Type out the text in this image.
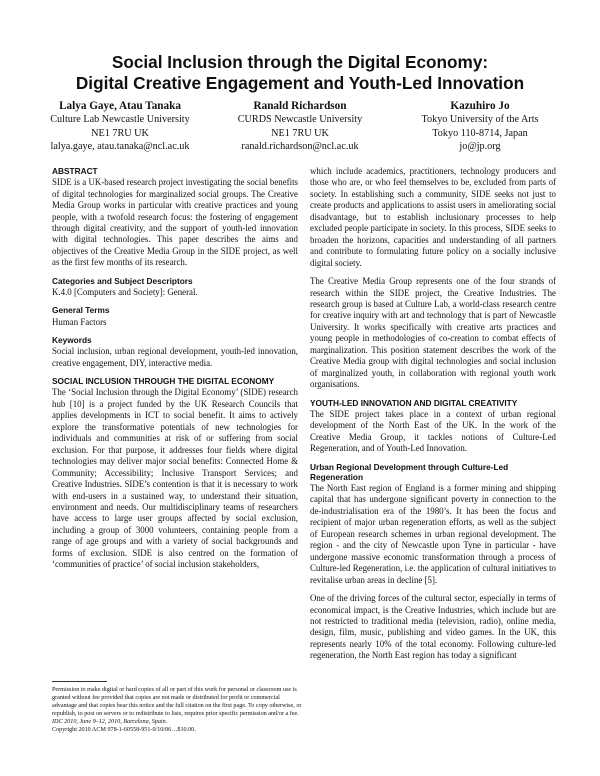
Social Inclusion through the Digital Economy:
Digital Creative Engagement and Youth-Led Innovation
Lalya Gaye, Atau Tanaka
Culture Lab Newcastle University
NE1 7RU UK
lalya.gaye, atau.tanaka@ncl.ac.uk
Ranald Richardson
CURDS Newcastle University
NE1 7RU UK
ranald.richardson@ncl.ac.uk
Kazuhiro Jo
Tokyo University of the Arts
Tokyo 110-8714, Japan
jo@jp.org
ABSTRACT

SIDE is a UK-based research project investigating the social benefits of digital technologies for marginalized social groups. The Creative Media Group works in particular with creative practices and young people, with a twofold research focus: the fostering of engagement through digital creativity, and the support of youth-led innovation with digital technologies. This paper describes the aims and objectives of the Creative Media Group in the SIDE project, as well as the first few months of its research.

Categories and Subject Descriptors

K.4.0 [Computers and Society]: General.

General Terms

Human Factors

Keywords

Social inclusion, urban regional development, youth-led innovation, creative engagement, DIY, interactive media.

SOCIAL INCLUSION THROUGH THE DIGITAL ECONOMY

The ‘Social Inclusion through the Digital Economy’ (SIDE) research hub [10] is a project funded by the UK Research Councils that applies developments in ICT to social benefit. It aims to actively explore the transformative potentials of new technologies for individuals and communities at risk of or suffering from social exclusion. For that purpose, it addresses four fields where digital technologies may deliver major social benefits: Connected Home & Community; Accessibility; Inclusive Transport Services; and Creative Industries. SIDE’s contention is that it is necessary to work with end-users in a sustained way, to understand their situation, environment and needs. Our multidisciplinary teams of researchers have access to large user groups affected by social exclusion, including a group of 3000 volunteers, containing people from a range of age groups and with a variety of social backgrounds and forms of exclusion. SIDE is also centred on the formation of ‘communities of practice’ of social inclusion stakeholders,

which include academics, practitioners, technology producers and those who are, or who feel themselves to be, excluded from parts of society. In establishing such a community, SIDE seeks not just to create products and applications to assist users in ameliorating social disadvantage, but to establish inclusionary processes to help excluded people participate in society. In this process, SIDE seeks to broaden the horizons, capacities and understanding of all partners and contribute to formulating future policy on a socially inclusive digital society.

The Creative Media Group represents one of the four strands of research within the SIDE project, the Creative Industries. The research group is based at Culture Lab, a world-class research centre for creative inquiry with art and technology that is part of Newcastle University. It works specifically with creative arts practices and young people in methodologies of co-creation to combat effects of marginalization. This position statement describes the work of the Creative Media group with digital technologies and social inclusion of marginalized youth, in collaboration with regional youth work organisations.

YOUTH-LED INNOVATION AND DIGITAL CREATIVITY

The SIDE project takes place in a context of urban regional development of the North East of the UK. In the work of the Creative Media Group, it tackles notions of Culture-Led Regeneration, and of Youth-Led Innovation.

Urban Regional Development through Culture-Led Regeneration

The North East region of England is a former mining and shipping capital that has undergone significant poverty in connection to the de-industrialisation era of the 1980’s. It has been the focus and recipient of major urban regeneration efforts, as well as the subject of European research schemes in urban regional development. The region - and the city of Newcastle upon Tyne in particular - have undergone massive economic transformation through a process of Culture-led Regeneration, i.e. the application of cultural initiatives to revitalise urban areas in decline [5].

One of the driving forces of the cultural sector, especially in terms of economical impact, is the Creative Industries, which include but are not restricted to traditional media (television, radio), online media, design, film, music, publishing and video games. In the UK, this represents nearly 10% of the total economy. Following culture-led regeneration, the North East region has today a significant

Permission to make digital or hard copies of all or part of this work for personal or classroom use is granted without fee provided that copies are not made or distributed for profit or commercial advantage and that copies bear this notice and the full citation on the first page. To copy otherwise, or republish, to post on servers or to redistribute to lists, requires prior specific permission and/or a fee.
IDC 2010, June 9–12, 2010, Barcelona, Spain.
Copyright 2010 ACM 978-1-60558-951-0/10/06…$10.00.
